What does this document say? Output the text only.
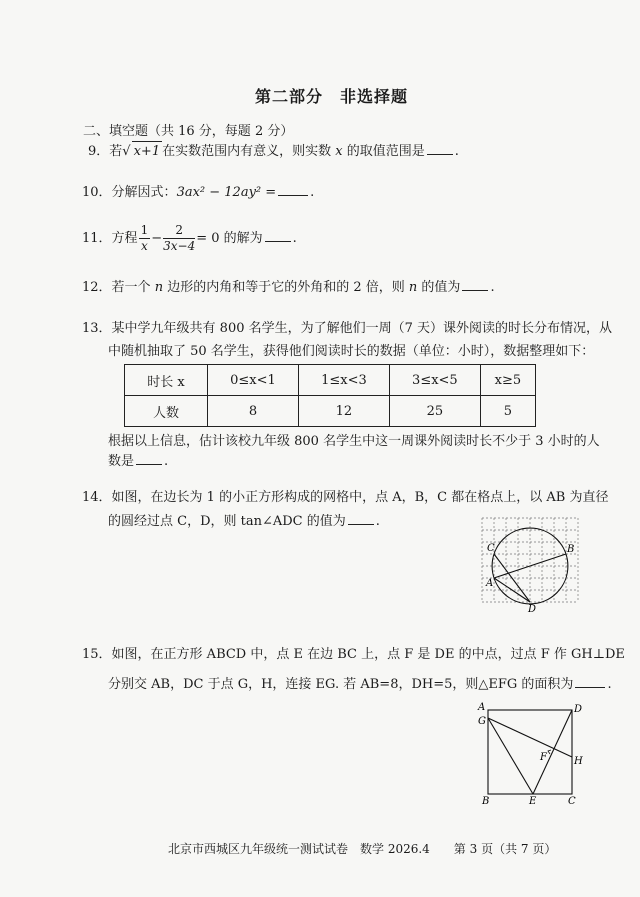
第二部分　非选择题
二、填空题（共 16 分，每题 2 分）
9．若√ x+1 在实数范围内有意义，则实数 x 的取值范围是 .
10．分解因式：3ax² − 12ay² =	.
11．方程 $\frac{1}{x} - \frac{2}{3x-4} = 0$ 的解为 .
12．若一个 n 边形的内角和等于它的外角和的 2 倍，则 n 的值为 .
13．某中学九年级共有 800 名学生，为了解他们一周（7 天）课外阅读的时长分布情况，从
中随机抽取了 50 名学生，获得他们阅读时长的数据（单位：小时），数据整理如下：
时长 x	0≤x<1	1≤x<3	3≤x<5	x≥5
人数	8	12	25	5
根据以上信息，估计该校九年级 800 名学生中这一周课外阅读时长不少于 3 小时的人
数是 .
14．如图，在边长为 1 的小正方形构成的网格中，点 A，B，C 都在格点上，以 AB 为直径
的圆经过点 C，D，则 tan∠ADC 的值为 .
C	B
A
D
15．如图，在正方形 ABCD 中，点 E 在边 BC 上，点 F 是 DE 的中点，过点 F 作 GH⊥DE
分别交 AB，DC 于点 G，H，连接 EG. 若 AB=8，DH=5，则△EFG 的面积为	.
A
G
D
H
F
B	E	C
北京市西城区九年级统一测试试卷　数学 2026.4　　第 3 页（共 7 页）
